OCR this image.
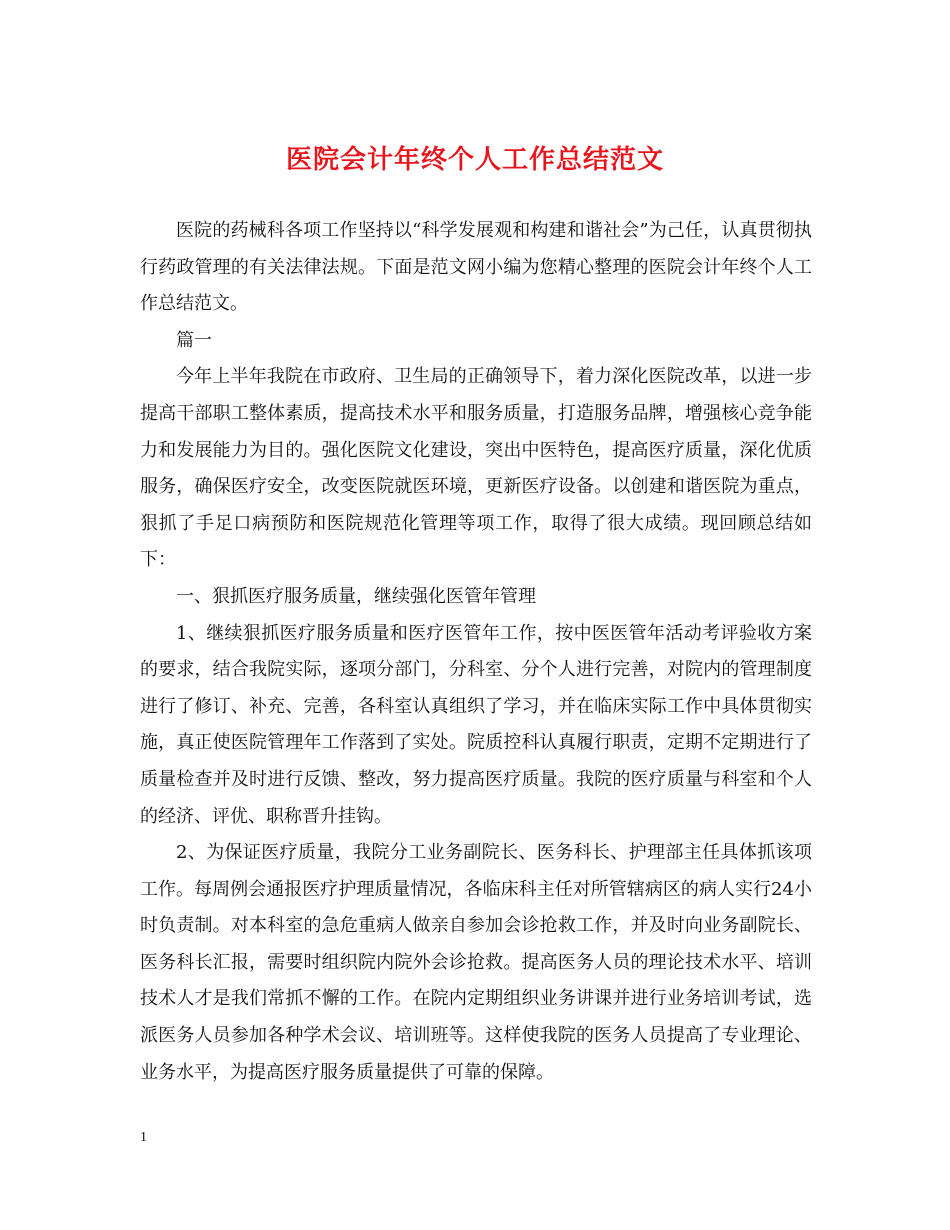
医院会计年终个人工作总结范文

医院的药械科各项工作坚持以“科学发展观和构建和谐社会”为己任，认真贯彻执行药政管理的有关法律法规。下面是范文网小编为您精心整理的医院会计年终个人工作总结范文。

篇一

今年上半年我院在市政府、卫生局的正确领导下，着力深化医院改革，以进一步提高干部职工整体素质，提高技术水平和服务质量，打造服务品牌，增强核心竞争能力和发展能力为目的。强化医院文化建设，突出中医特色，提高医疗质量，深化优质服务，确保医疗安全，改变医院就医环境，更新医疗设备。以创建和谐医院为重点，狠抓了手足口病预防和医院规范化管理等项工作，取得了很大成绩。现回顾总结如下：

一、狠抓医疗服务质量，继续强化医管年管理

1、继续狠抓医疗服务质量和医疗医管年工作，按中医医管年活动考评验收方案的要求，结合我院实际，逐项分部门，分科室、分个人进行完善，对院内的管理制度进行了修订、补充、完善，各科室认真组织了学习，并在临床实际工作中具体贯彻实施，真正使医院管理年工作落到了实处。院质控科认真履行职责，定期不定期进行了质量检查并及时进行反馈、整改，努力提高医疗质量。我院的医疗质量与科室和个人的经济、评优、职称晋升挂钩。

2、为保证医疗质量，我院分工业务副院长、医务科长、护理部主任具体抓该项工作。每周例会通报医疗护理质量情况，各临床科主任对所管辖病区的病人实行24小时负责制。对本科室的急危重病人做亲自参加会诊抢救工作，并及时向业务副院长、医务科长汇报，需要时组织院内院外会诊抢救。提高医务人员的理论技术水平、培训技术人才是我们常抓不懈的工作。在院内定期组织业务讲课并进行业务培训考试，选派医务人员参加各种学术会议、培训班等。这样使我院的医务人员提高了专业理论、业务水平，为提高医疗服务质量提供了可靠的保障。

1
